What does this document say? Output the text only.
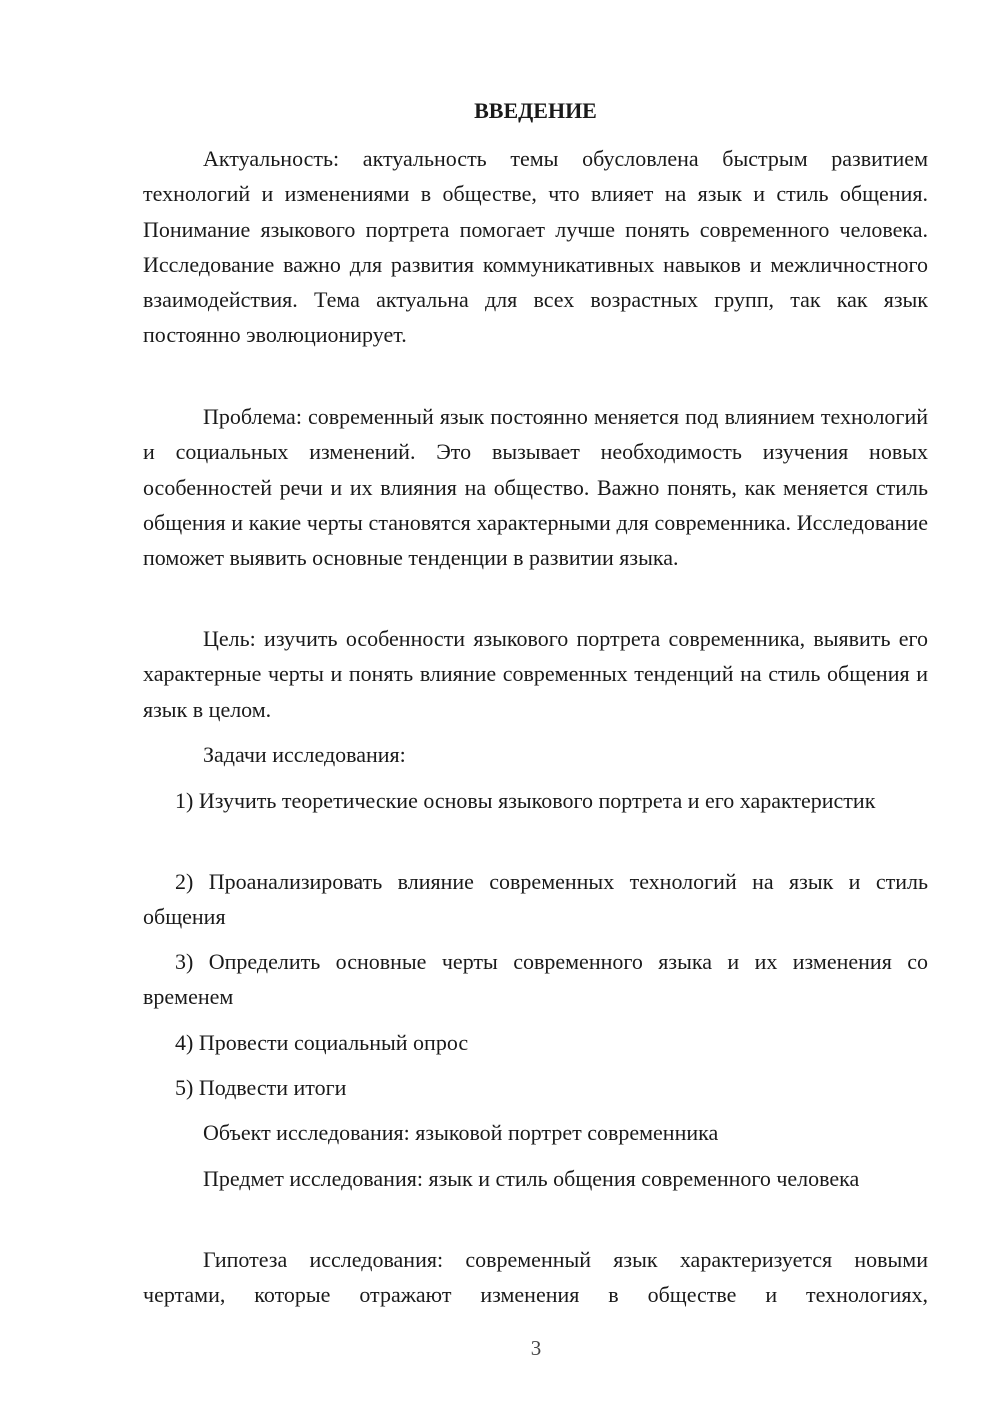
ВВЕДЕНИЕ

Актуальность: актуальность темы обусловлена быстрым развитием технологий и изменениями в обществе, что влияет на язык и стиль общения. Понимание языкового портрета помогает лучше понять современного человека. Исследование важно для развития коммуникативных навыков и межличностного взаимодействия. Тема актуальна для всех возрастных групп, так как язык постоянно эволюционирует.

Проблема: современный язык постоянно меняется под влиянием технологий и социальных изменений. Это вызывает необходимость изучения новых особенностей речи и их влияния на общество. Важно понять, как меняется стиль общения и какие черты становятся характерными для современника. Исследование поможет выявить основные тенденции в развитии языка.

Цель: изучить особенности языкового портрета современника, выявить его характерные черты и понять влияние современных тенденций на стиль общения и язык в целом.

Задачи исследования:

1) Изучить теоретические основы языкового портрета и его характеристик

2) Проанализировать влияние современных технологий на язык и стиль общения

3) Определить основные черты современного языка и их изменения со временем

4) Провести социальный опрос

5) Подвести итоги

Объект исследования: языковой портрет современника

Предмет исследования: язык и стиль общения современного человека

Гипотеза исследования: современный язык характеризуется новыми чертами, которые отражают изменения в обществе и технологиях,

3
